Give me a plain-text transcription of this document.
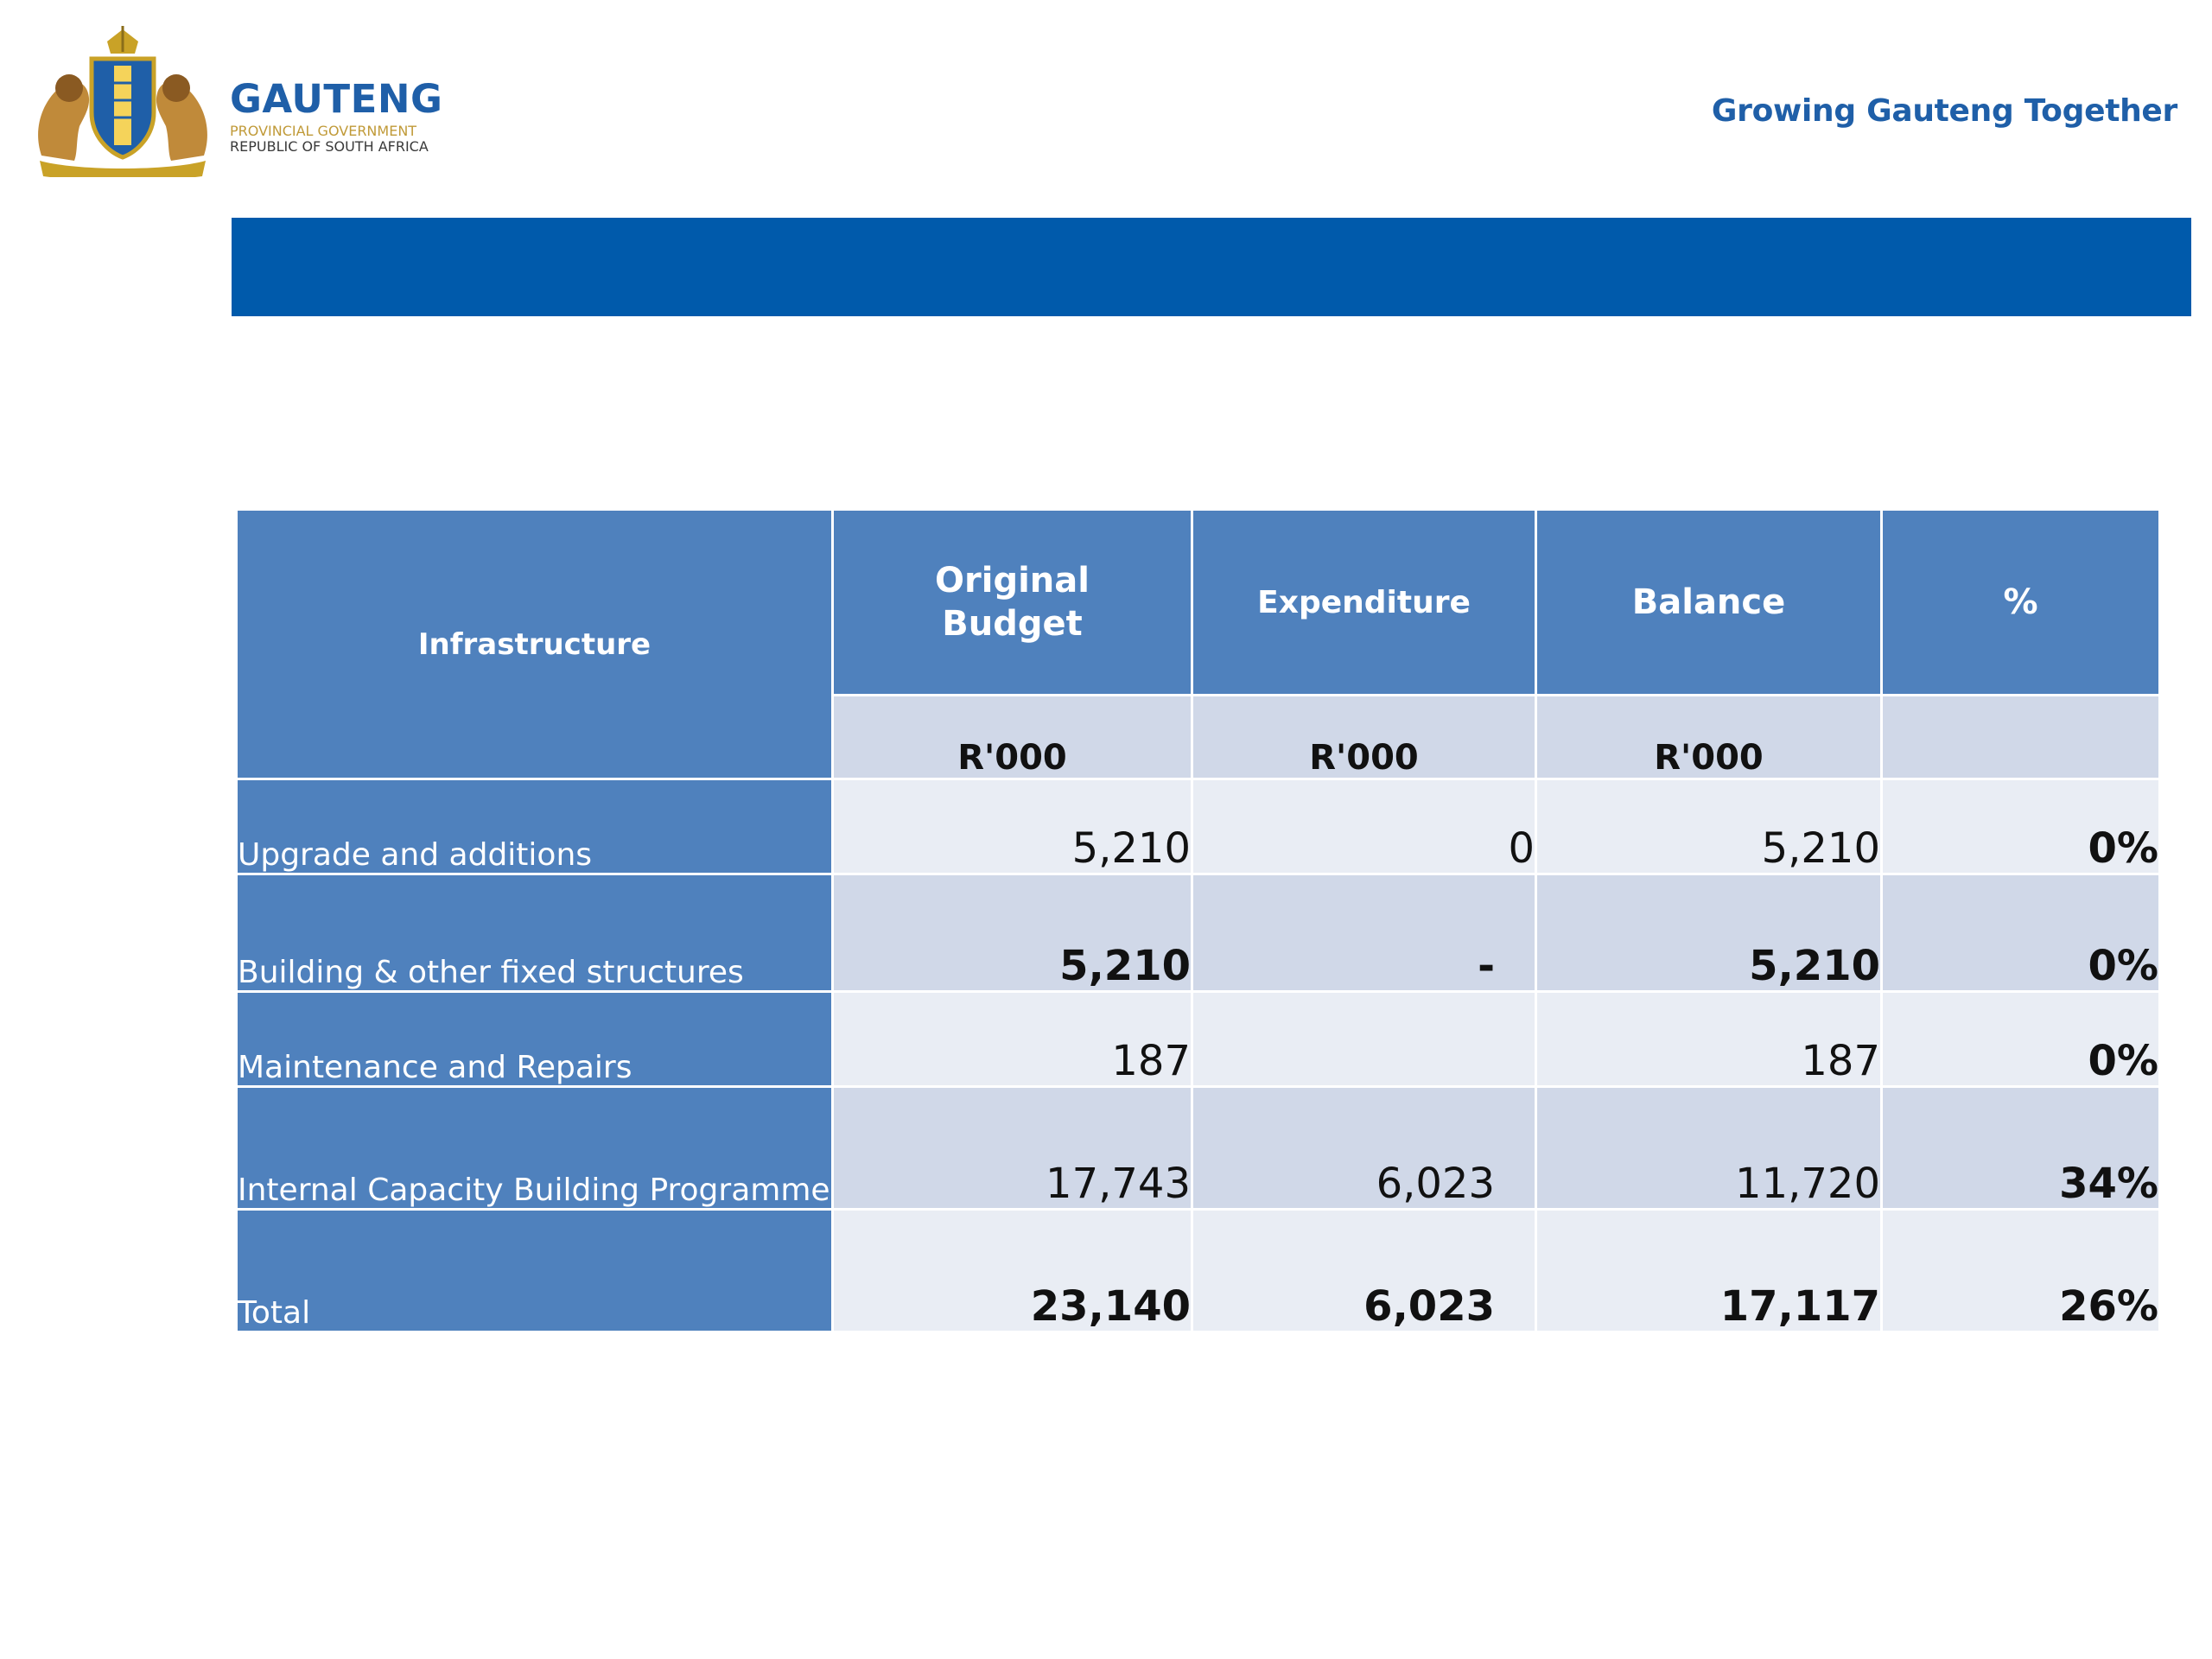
GAUTENG

PROVINCIAL GOVERNMENT

REPUBLIC OF SOUTH AFRICA

Growing Gauteng Together
Infrastructure	Original Budget	Expenditure	Balance	%
	R'000	R'000	R'000	
Upgrade and additions	5,210	0	5,210	0%
Building & other fixed structures	5,210	-	5,210	0%
Maintenance and Repairs	187		187	0%
Internal Capacity Building Programme	17,743	6,023	11,720	34%
Total	23,140	6,023	17,117	26%
